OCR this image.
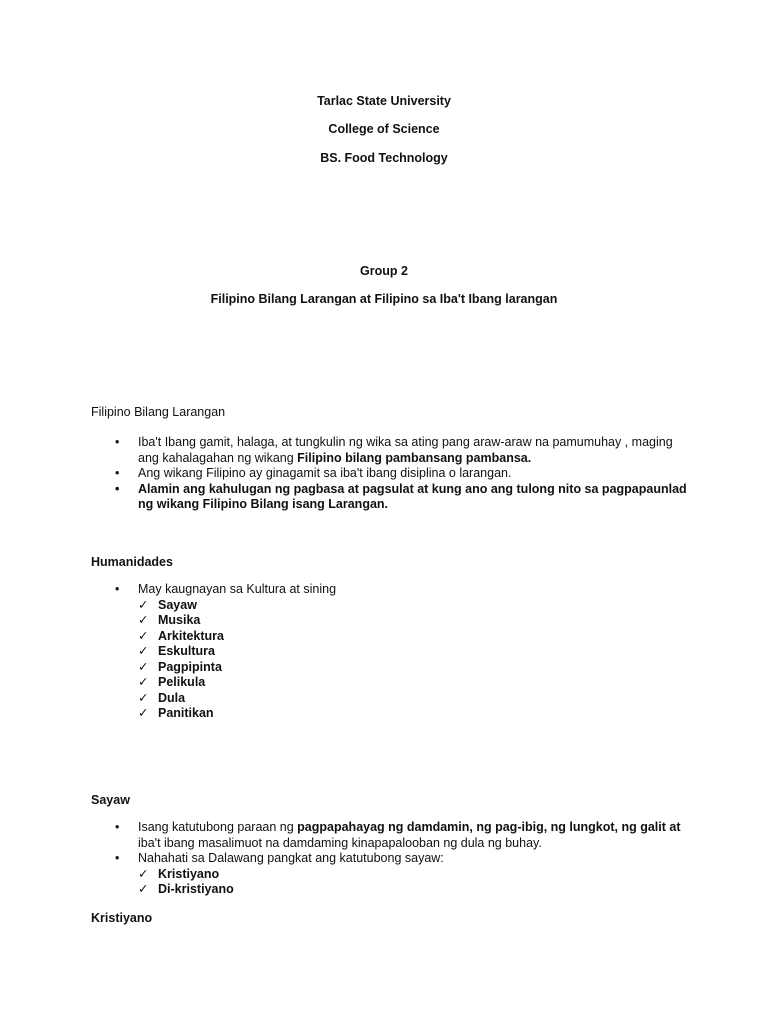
Tarlac State University
College of Science
BS. Food Technology
Group 2
Filipino Bilang Larangan at Filipino sa Iba't Ibang larangan
Filipino Bilang Larangan
• Iba't Ibang gamit, halaga, at tungkulin ng wika sa ating pang araw-araw na pamumuhay , maging ang kahalagahan ng wikang Filipino bilang pambansang pambansa.
• Ang wikang Filipino ay ginagamit sa iba't ibang disiplina o larangan.
• Alamin ang kahulugan ng pagbasa at pagsulat at kung ano ang tulong nito sa pagpapaunlad ng wikang Filipino Bilang isang Larangan.
Humanidades
• May kaugnayan sa Kultura at sining
✓ Sayaw
✓ Musika
✓ Arkitektura
✓ Eskultura
✓ Pagpipinta
✓ Pelikula
✓ Dula
✓ Panitikan
Sayaw
• Isang katutubong paraan ng pagpapahayag ng damdamin, ng pag-ibig, ng lungkot, ng galit at iba't ibang masalimuot na damdaming kinapapalooban ng dula ng buhay.
• Nahahati sa Dalawang pangkat ang katutubong sayaw:
✓ Kristiyano
✓ Di-kristiyano
Kristiyano
